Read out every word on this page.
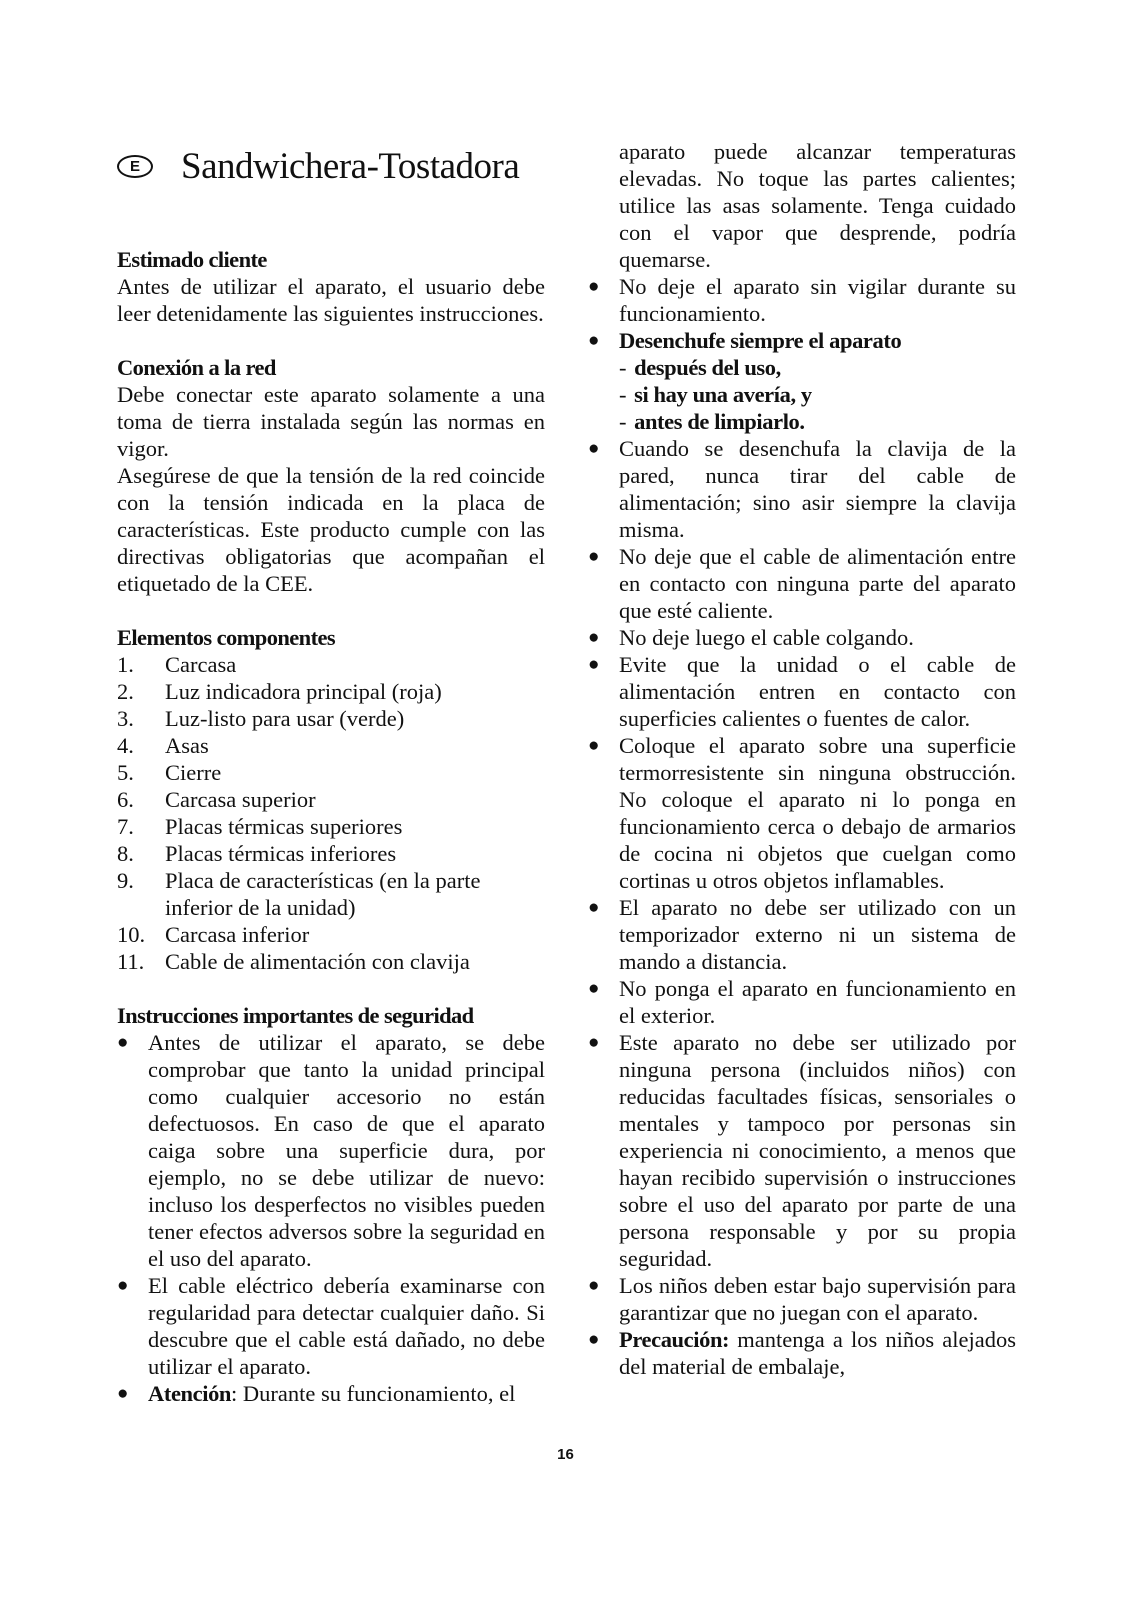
E	Sandwichera-Tostadora
Estimado cliente
Antes de utilizar el aparato, el usuario debe leer detenidamente las siguientes instrucciones.
Conexión a la red
Debe conectar este aparato solamente a una toma de tierra instalada según las normas en vigor.
Asegúrese de que la tensión de la red coincide con la tensión indicada en la placa de características. Este producto cumple con las directivas obligatorias que acompañan el etiquetado de la CEE.
Elementos componentes
1.	Carcasa
2.	Luz indicadora principal (roja)
3.	Luz-listo para usar (verde)
4.	Asas
5.	Cierre
6.	Carcasa superior
7.	Placas térmicas superiores
8.	Placas térmicas inferiores
9.	Placa de características (en la parte inferior de la unidad)
10. Carcasa inferior
11. Cable de alimentación con clavija
Instrucciones importantes de seguridad
● Antes de utilizar el aparato, se debe comprobar que tanto la unidad principal como cualquier accesorio no están defectuosos. En caso de que el aparato caiga sobre una superficie dura, por ejemplo, no se debe utilizar de nuevo: incluso los desperfectos no visibles pueden tener efectos adversos sobre la seguridad en el uso del aparato.
● El cable eléctrico debería examinarse con regularidad para detectar cualquier daño. Si descubre que el cable está dañado, no debe utilizar el aparato.
● Atención: Durante su funcionamiento, el
aparato puede alcanzar temperaturas elevadas. No toque las partes calientes; utilice las asas solamente. Tenga cuidado con el vapor que desprende, podría quemarse.
● No deje el aparato sin vigilar durante su funcionamiento.
● Desenchufe siempre el aparato
- después del uso,
- si hay una avería, y
- antes de limpiarlo.
● Cuando se desenchufa la clavija de la pared, nunca tirar del cable de alimentación; sino asir siempre la clavija misma.
● No deje que el cable de alimentación entre en contacto con ninguna parte del aparato que esté caliente.
● No deje luego el cable colgando.
● Evite que la unidad o el cable de alimentación entren en contacto con superficies calientes o fuentes de calor.
● Coloque el aparato sobre una superficie termorresistente sin ninguna obstrucción. No coloque el aparato ni lo ponga en funcionamiento cerca o debajo de armarios de cocina ni objetos que cuelgan como cortinas u otros objetos inflamables.
● El aparato no debe ser utilizado con un temporizador externo ni un sistema de mando a distancia.
● No ponga el aparato en funcionamiento en el exterior.
● Este aparato no debe ser utilizado por ninguna persona (incluidos niños) con reducidas facultades físicas, sensoriales o mentales y tampoco por personas sin experiencia ni conocimiento, a menos que hayan recibido supervisión o instrucciones sobre el uso del aparato por parte de una persona responsable y por su propia seguridad.
● Los niños deben estar bajo supervisión para garantizar que no juegan con el aparato.
● Precaución: mantenga a los niños alejados del material de embalaje,
16
